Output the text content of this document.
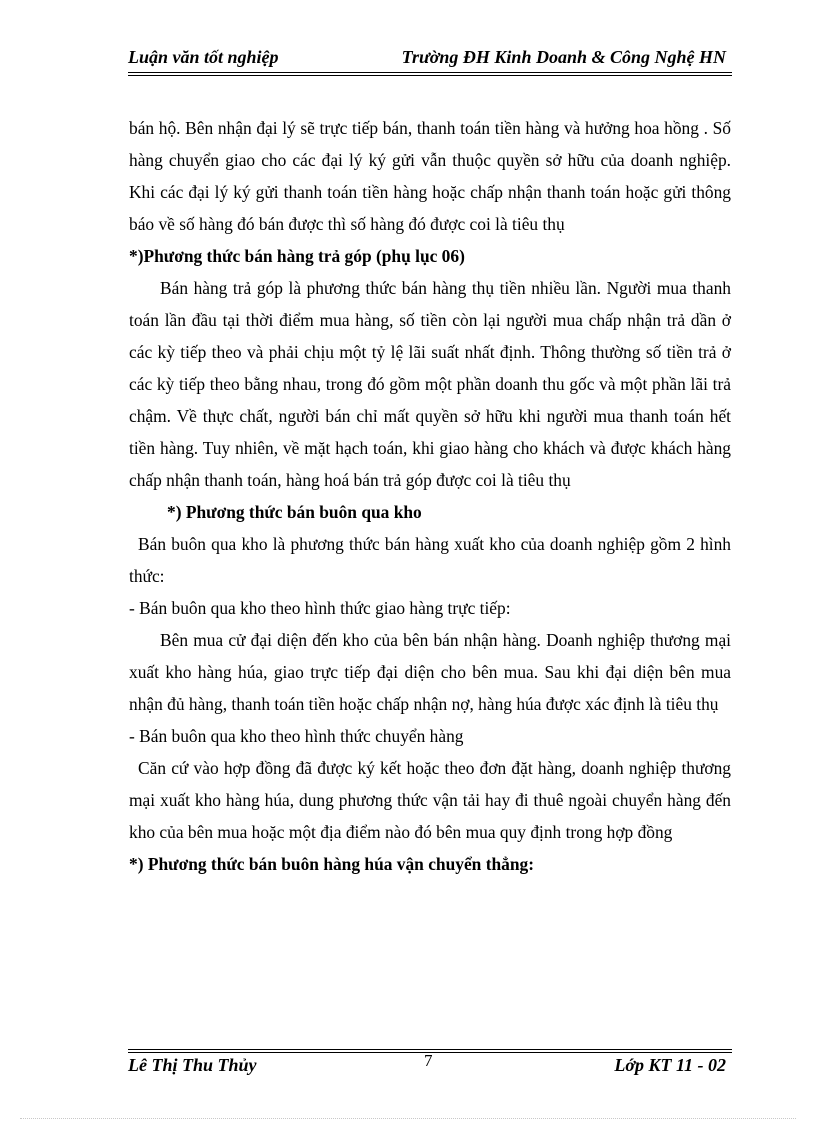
Luận văn tốt nghiệp	Trường ĐH Kinh Doanh & Công Nghệ HN

bán hộ. Bên nhận đại lý sẽ trực tiếp bán, thanh toán tiền hàng và hưởng hoa hồng . Số hàng chuyển giao cho các đại lý ký gửi vẫn thuộc quyền sở hữu của doanh nghiệp. Khi các đại lý ký gửi thanh toán tiền hàng hoặc chấp nhận thanh toán hoặc gửi thông báo về số hàng đó bán được thì số hàng đó được coi là tiêu thụ

*)Phương thức bán hàng trả góp (phụ lục 06)

Bán hàng trả góp là phương thức bán hàng thụ tiền nhiều lần. Người mua thanh toán lần đầu tại thời điểm mua hàng, số tiền còn lại người mua chấp nhận trả dần ở các kỳ tiếp theo và phải chịu một tỷ lệ lãi suất nhất định. Thông thường số tiền trả ở các kỳ tiếp theo bằng nhau, trong đó gồm một phần doanh thu gốc và một phần lãi trả chậm. Về thực chất, người bán chỉ mất quyền sở hữu khi người mua thanh toán hết tiền hàng. Tuy nhiên, về mặt hạch toán, khi giao hàng cho khách và được khách hàng chấp nhận thanh toán, hàng hoá bán trả góp được coi là tiêu thụ

*) Phương thức bán buôn qua kho

Bán buôn qua kho là phương thức bán hàng xuất kho của doanh nghiệp gồm 2 hình thức:

- Bán buôn qua kho theo hình thức giao hàng trực tiếp:

Bên mua cử đại diện đến kho của bên bán nhận hàng. Doanh nghiệp thương mại xuất kho hàng húa, giao trực tiếp đại diện cho bên mua. Sau khi đại diện bên mua nhận đủ hàng, thanh toán tiền hoặc chấp nhận nợ, hàng húa được xác định là tiêu thụ

- Bán buôn qua kho theo hình thức chuyển hàng

Căn cứ vào hợp đồng đã được ký kết hoặc theo đơn đặt hàng, doanh nghiệp thương mại xuất kho hàng húa, dung phương thức vận tải hay đi thuê ngoài chuyển hàng đến kho của bên mua hoặc một địa điểm nào đó bên mua quy định trong hợp đồng

*) Phương thức bán buôn hàng húa vận chuyển thẳng:

7
Lê Thị Thu Thủy	Lớp KT 11 - 02
